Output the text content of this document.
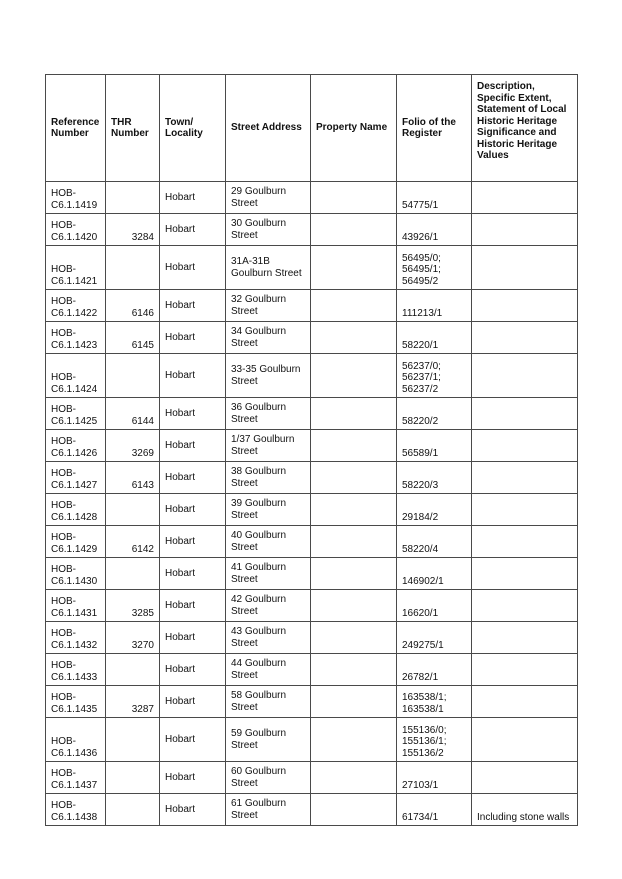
Reference Number	THR Number	Town/ Locality	Street Address	Property Name	Folio of the Register	Description, Specific Extent, Statement of Local Historic Heritage Significance and Historic Heritage Values
HOB-C6.1.1419		Hobart	29 Goulburn Street		54775/1	
HOB-C6.1.1420	3284	Hobart	30 Goulburn Street		43926/1	
HOB-C6.1.1421		Hobart	31A-31B Goulburn Street		56495/0; 56495/1; 56495/2	
HOB-C6.1.1422	6146	Hobart	32 Goulburn Street		111213/1	
HOB-C6.1.1423	6145	Hobart	34 Goulburn Street		58220/1	
HOB-C6.1.1424		Hobart	33-35 Goulburn Street		56237/0; 56237/1; 56237/2	
HOB-C6.1.1425	6144	Hobart	36 Goulburn Street		58220/2	
HOB-C6.1.1426	3269	Hobart	1/37 Goulburn Street		56589/1	
HOB-C6.1.1427	6143	Hobart	38 Goulburn Street		58220/3	
HOB-C6.1.1428		Hobart	39 Goulburn Street		29184/2	
HOB-C6.1.1429	6142	Hobart	40 Goulburn Street		58220/4	
HOB-C6.1.1430		Hobart	41 Goulburn Street		146902/1	
HOB-C6.1.1431	3285	Hobart	42 Goulburn Street		16620/1	
HOB-C6.1.1432	3270	Hobart	43 Goulburn Street		249275/1	
HOB-C6.1.1433		Hobart	44 Goulburn Street		26782/1	
HOB-C6.1.1435	3287	Hobart	58 Goulburn Street		163538/1; 163538/1	
HOB-C6.1.1436		Hobart	59 Goulburn Street		155136/0; 155136/1; 155136/2	
HOB-C6.1.1437		Hobart	60 Goulburn Street		27103/1	
HOB-C6.1.1438		Hobart	61 Goulburn Street		61734/1	Including stone walls
